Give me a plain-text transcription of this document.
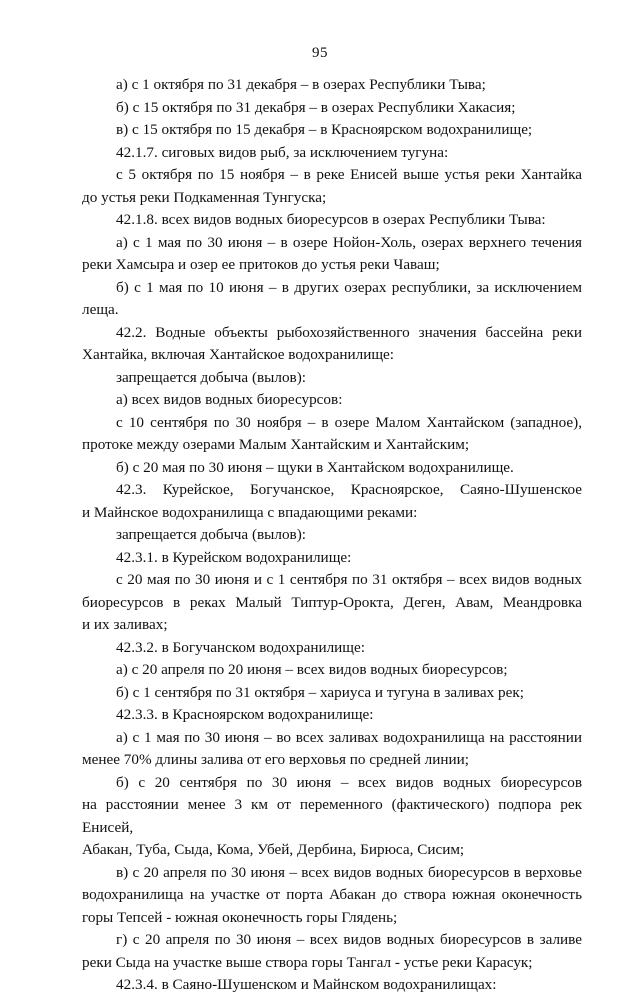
95
а) с 1 октября по 31 декабря – в озерах Республики Тыва;
б) с 15 октября по 31 декабря – в озерах Республики Хакасия;
в) с 15 октября по 15 декабря – в Красноярском водохранилище;
42.1.7. сиговых видов рыб, за исключением тугуна:
с 5 октября по 15 ноября – в реке Енисей выше устья реки Хантайка
до устья реки Подкаменная Тунгуска;
42.1.8. всех видов водных биоресурсов в озерах Республики Тыва:
а) с 1 мая по 30 июня – в озере Нойон-Холь, озерах верхнего течения
реки Хамсыра и озер ее притоков до устья реки Чаваш;
б) с 1 мая по 10 июня – в других озерах республики, за исключением
леща.
42.2. Водные объекты рыбохозяйственного значения бассейна реки
Хантайка, включая Хантайское водохранилище:
запрещается добыча (вылов):
а) всех видов водных биоресурсов:
с 10 сентября по 30 ноября – в озере Малом Хантайском (западное),
протоке между озерами Малым Хантайским и Хантайским;
б) с 20 мая по 30 июня – щуки в Хантайском водохранилище.
42.3. Курейское, Богучанское, Красноярское, Саяно-Шушенское
и Майнское водохранилища с впадающими реками:
запрещается добыча (вылов):
42.3.1. в Курейском водохранилище:
с 20 мая по 30 июня и с 1 сентября по 31 октября – всех видов водных
биоресурсов в реках Малый Типтур-Орокта, Деген, Авам, Меандровка
и их заливах;
42.3.2. в Богучанском водохранилище:
а) с 20 апреля по 20 июня – всех видов водных биоресурсов;
б) с 1 сентября по 31 октября – хариуса и тугуна в заливах рек;
42.3.3. в Красноярском водохранилище:
а) с 1 мая по 30 июня – во всех заливах водохранилища на расстоянии
менее 70% длины залива от его верховья по средней линии;
б) с 20 сентября по 30 июня – всех видов водных биоресурсов
на расстоянии менее 3 км от переменного (фактического) подпора рек Енисей,
Абакан, Туба, Сыда, Кома, Убей, Дербина, Бирюса, Сисим;
в) с 20 апреля по 30 июня – всех видов водных биоресурсов в верховье
водохранилища на участке от порта Абакан до створа южная оконечность
горы Тепсей - южная оконечность горы Глядень;
г) с 20 апреля по 30 июня – всех видов водных биоресурсов в заливе
реки Сыда на участке выше створа горы Тангал - устье реки Карасук;
42.3.4. в Саяно-Шушенском и Майнском водохранилищах:
